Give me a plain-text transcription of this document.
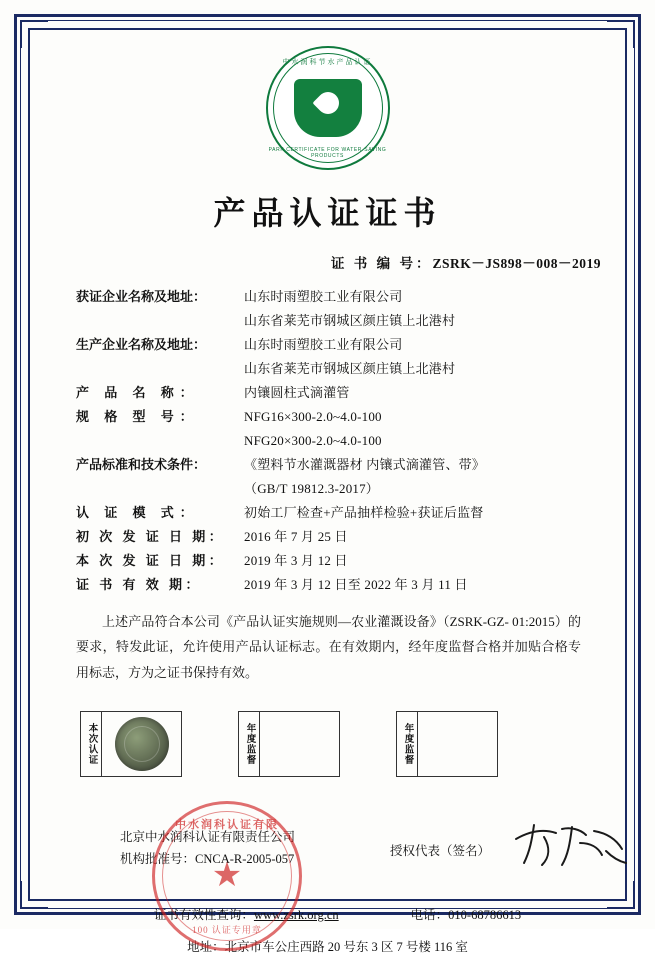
中水润科节水产品认证
PARK CERTIFICATE FOR WATER-SAVING PRODUCTS
产品认证证书
证 书 编 号：ZSRK－JS898－008－2019
获证企业名称及地址：	山东时雨塑胶工业有限公司
山东省莱芜市钢城区颜庄镇上北港村
生产企业名称及地址：	山东时雨塑胶工业有限公司
山东省莱芜市钢城区颜庄镇上北港村
产 品 名 称：	内镶圆柱式滴灌管
规 格 型 号：	NFG16×300-2.0~4.0-100
NFG20×300-2.0~4.0-100
产品标准和技术条件：	《塑料节水灌溉器材 内镶式滴灌管、带》
（GB/T 19812.3-2017）
认 证 模 式：	初始工厂检查+产品抽样检验+获证后监督
初 次 发 证 日 期：	2016 年 7 月 25 日
本 次 发 证 日 期：	2019 年 3 月 12 日
证 书 有 效 期：	2019 年 3 月 12 日至 2022 年 3 月 11 日
上述产品符合本公司《产品认证实施规则—农业灌溉设备》（ZSRK-GZ- 01:2015）的要求，特发此证，允许使用产品认证标志。在有效期内，经年度监督合格并加贴合格专用标志，方为之证书保持有效。
本次认证	年度监督	年度监督
北京中水润科认证有限责任公司
机构批准号：CNCA-R-2005-057
中水润科认证有限
★
100 认证专用章
授权代表（签名）
证书有效性查询：www.zsrk.org.cn	电话：010-68786613
地址：北京市车公庄西路 20 号东 3 区 7 号楼 116 室
